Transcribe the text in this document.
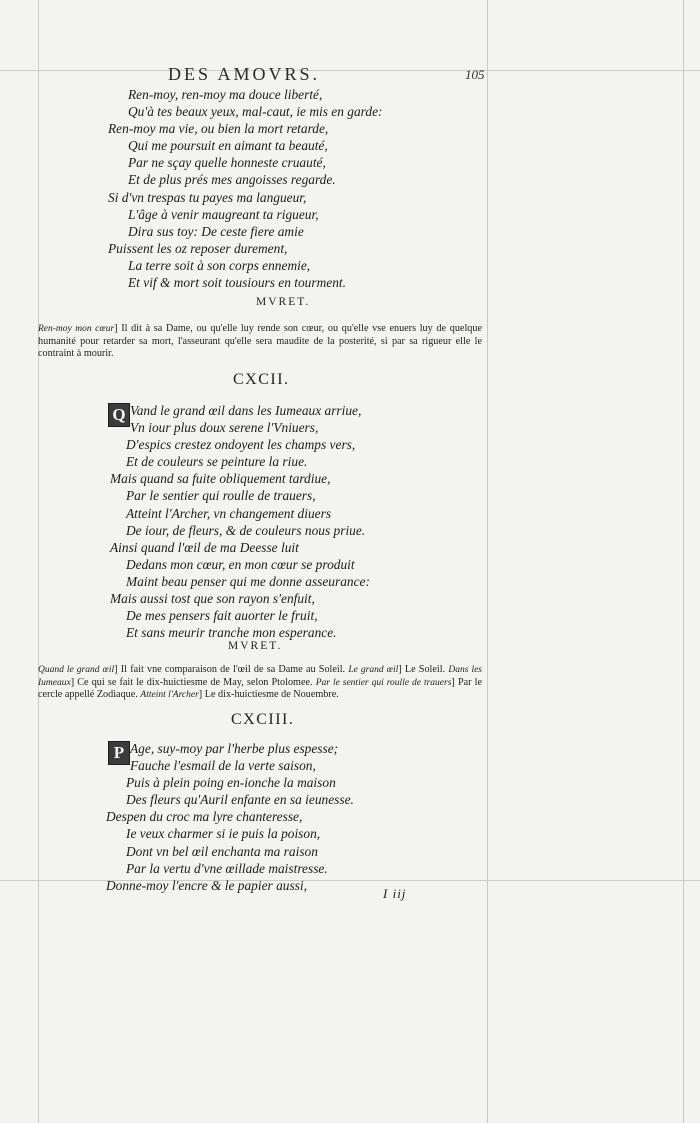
DES AMOVRS.	105
Ren-moy, ren-moy ma douce liberté,
Qu'à tes beaux yeux, mal-caut, ie mis en garde:
Ren-moy ma vie, ou bien la mort retarde,
Qui me poursuit en aimant ta beauté,
Par ne sçay quelle honneste cruauté,
Et de plus prés mes angoisses regarde.
Si d'vn trespas tu payes ma langueur,
L'âge à venir maugreant ta rigueur,
Dira sus toy: De ceste fiere amie
Puissent les oz reposer durement,
La terre soit à son corps ennemie,
Et vif & mort soit tousiours en tourment.
MVRET.
Ren-moy mon cœur] Il dit à sa Dame, ou qu'elle luy rende son cœur, ou qu'elle vse enuers luy de quelque humanité pour retarder sa mort, l'asseurant qu'elle sera maudite de la posterité, si par sa rigueur elle le contraint à mourir.
CXCII.
Q Vand le grand œil dans les Iumeaux arriue,
Vn iour plus doux serene l'Vniuers,
D'espics crestez ondoyent les champs vers,
Et de couleurs se peinture la riue.
Mais quand sa fuite obliquement tardiue,
Par le sentier qui roulle de trauers,
Atteint l'Archer, vn changement diuers
De iour, de fleurs, & de couleurs nous priue.
Ainsi quand l'œil de ma Deesse luit
Dedans mon cœur, en mon cœur se produit
Maint beau penser qui me donne asseurance:
Mais aussi tost que son rayon s'enfuit,
De mes pensers fait auorter le fruit,
Et sans meurir tranche mon esperance.
MVRET.
Quand le grand œil] Il fait vne comparaison de l'œil de sa Dame au Soleil. Le grand œil] Le Soleil. Dans les Iumeaux] Ce qui se fait le dix-huictiesme de May, selon Ptolomee. Par le sentier qui roulle de trauers] Par le cercle appellé Zodiaque. Atteint l'Archer] Le dix-huictiesme de Nouembre.
CXCIII.
P Age, suy-moy par l'herbe plus espesse;
Fauche l'esmail de la verte saison,
Puis à plein poing en-ionche la maison
Des fleurs qu'Auril enfante en sa ieunesse.
Despen du croc ma lyre chanteresse,
Ie veux charmer si ie puis la poison,
Dont vn bel œil enchanta ma raison
Par la vertu d'vne œillade maistresse.
Donne-moy l'encre & le papier aussi,
I iij
